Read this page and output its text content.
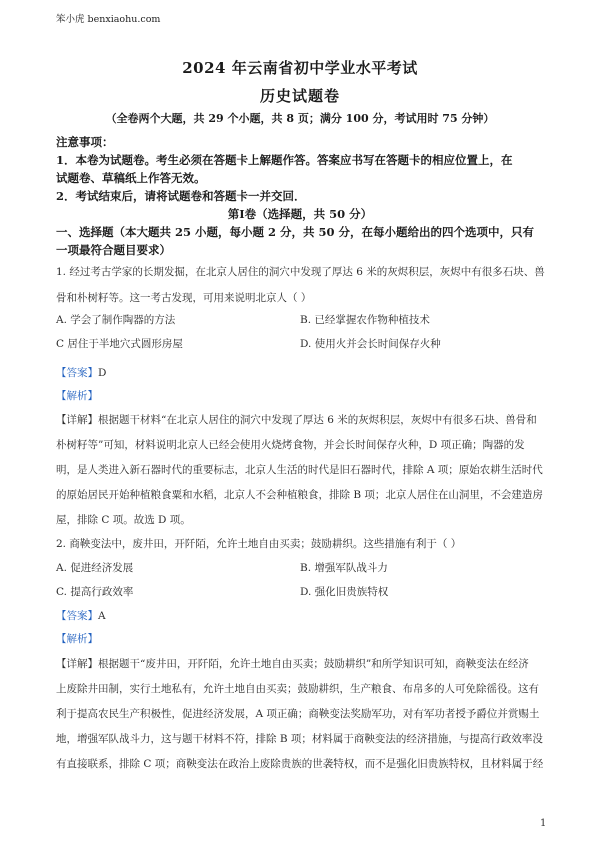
笨小虎 benxiaohu.com
2024 年云南省初中学业水平考试
历史试题卷
（全卷两个大题，共 29 个小题，共 8 页；满分 100 分，考试用时 75 分钟）
注意事项：
1．本卷为试题卷。考生必须在答题卡上解题作答。答案应书写在答题卡的相应位置上，在
试题卷、草稿纸上作答无效。
2．考试结束后，请将试题卷和答题卡一并交回．
第Ⅰ卷（选择题，共 50 分）
一、选择题（本大题共 25 小题，每小题 2 分，共 50 分，在每小题给出的四个选项中，只有
一项最符合题目要求）
1. 经过考古学家的长期发掘，在北京人居住的洞穴中发现了厚达 6 米的灰烬积层，灰烬中有很多石块、兽
骨和朴树籽等。这一考古发现，可用来说明北京人（ ）
A. 学会了制作陶器的方法	B. 已经掌握农作物种植技术
C 居住于半地穴式圆形房屋	D. 使用火并会长时间保存火种
【答案】D
【解析】
【详解】根据题干材料“在北京人居住的洞穴中发现了厚达 6 米的灰烬积层，灰烬中有很多石块、兽骨和
朴树籽等”可知，材料说明北京人已经会使用火烧烤食物，并会长时间保存火种，D 项正确；陶器的发
明，是人类进入新石器时代的重要标志，北京人生活的时代是旧石器时代，排除 A 项；原始农耕生活时代
的原始居民开始种植粮食粟和水稻，北京人不会种植粮食，排除 B 项；北京人居住在山洞里，不会建造房
屋，排除 C 项。故选 D 项。
2. 商鞅变法中，废井田，开阡陌，允许土地自由买卖；鼓励耕织。这些措施有利于（ ）
A. 促进经济发展	B. 增强军队战斗力
C. 提高行政效率	D. 强化旧贵族特权
【答案】A
【解析】
【详解】根据题干“废井田，开阡陌，允许土地自由买卖；鼓励耕织”和所学知识可知，商鞅变法在经济
上废除井田制，实行土地私有，允许土地自由买卖；鼓励耕织，生产粮食、布帛多的人可免除徭役。这有
利于提高农民生产积极性，促进经济发展，A 项正确；商鞅变法奖励军功，对有军功者授予爵位并赏赐土
地，增强军队战斗力，这与题干材料不符，排除 B 项；材料属于商鞅变法的经济措施，与提高行政效率没
有直接联系，排除 C 项；商鞅变法在政治上废除贵族的世袭特权，而不是强化旧贵族特权，且材料属于经
1
